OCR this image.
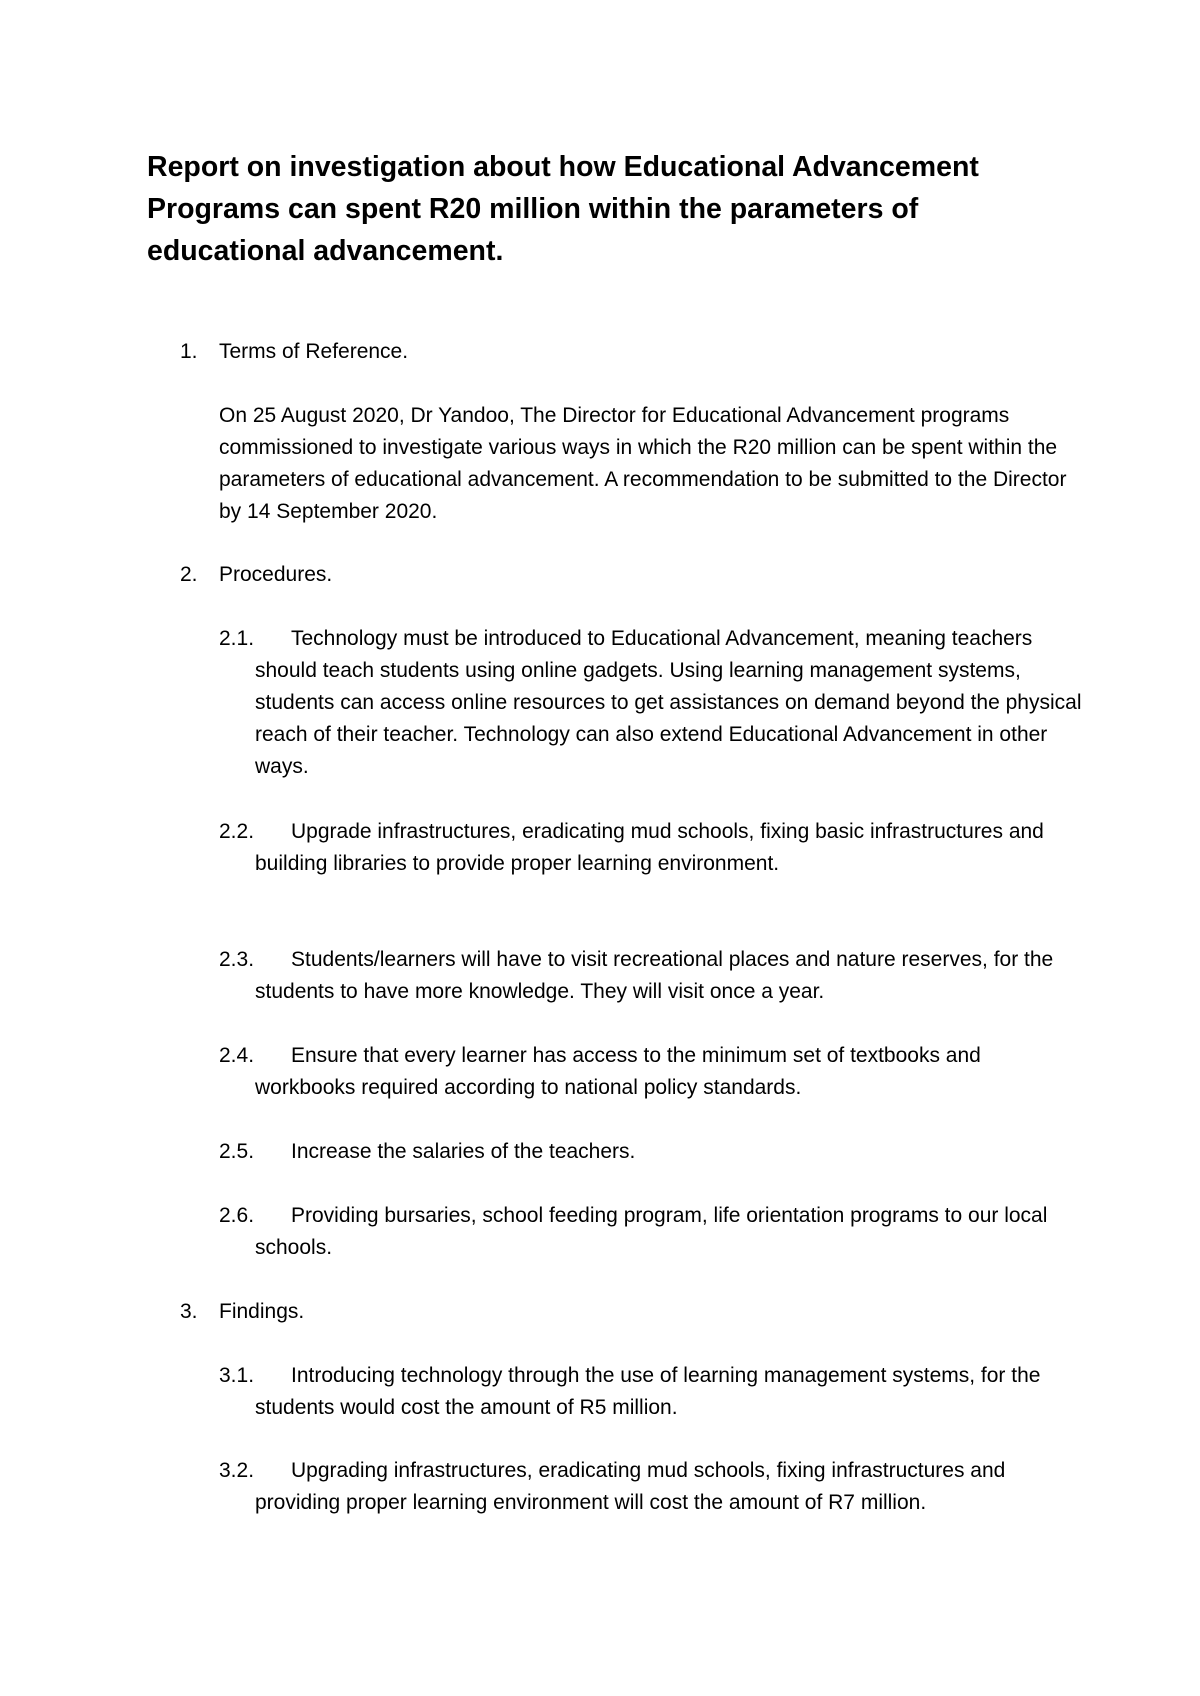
Report on investigation about how Educational Advancement Programs can spent R20 million within the parameters of educational advancement.
1. Terms of Reference.

On 25 August 2020, Dr Yandoo, The Director for Educational Advancement programs commissioned to investigate various ways in which the R20 million can be spent within the parameters of educational advancement. A recommendation to be submitted to the Director by 14 September 2020.

2. Procedures.
2.1.	Technology must be introduced to Educational Advancement, meaning teachers should teach students using online gadgets. Using learning management systems, students can access online resources to get assistances on demand beyond the physical reach of their teacher. Technology can also extend Educational Advancement in other ways.

2.2.	Upgrade infrastructures, eradicating mud schools, fixing basic infrastructures and building libraries to provide proper learning environment.

2.3.	Students/learners will have to visit recreational places and nature reserves, for the students to have more knowledge. They will visit once a year.

2.4.	Ensure that every learner has access to the minimum set of textbooks and workbooks required according to national policy standards.

2.5.	Increase the salaries of the teachers.

2.6.	Providing bursaries, school feeding program, life orientation programs to our local schools.

3. Findings.
3.1.	Introducing technology through the use of learning management systems, for the students would cost the amount of R5 million.

3.2.	Upgrading infrastructures, eradicating mud schools, fixing infrastructures and providing proper learning environment will cost the amount of R7 million.
